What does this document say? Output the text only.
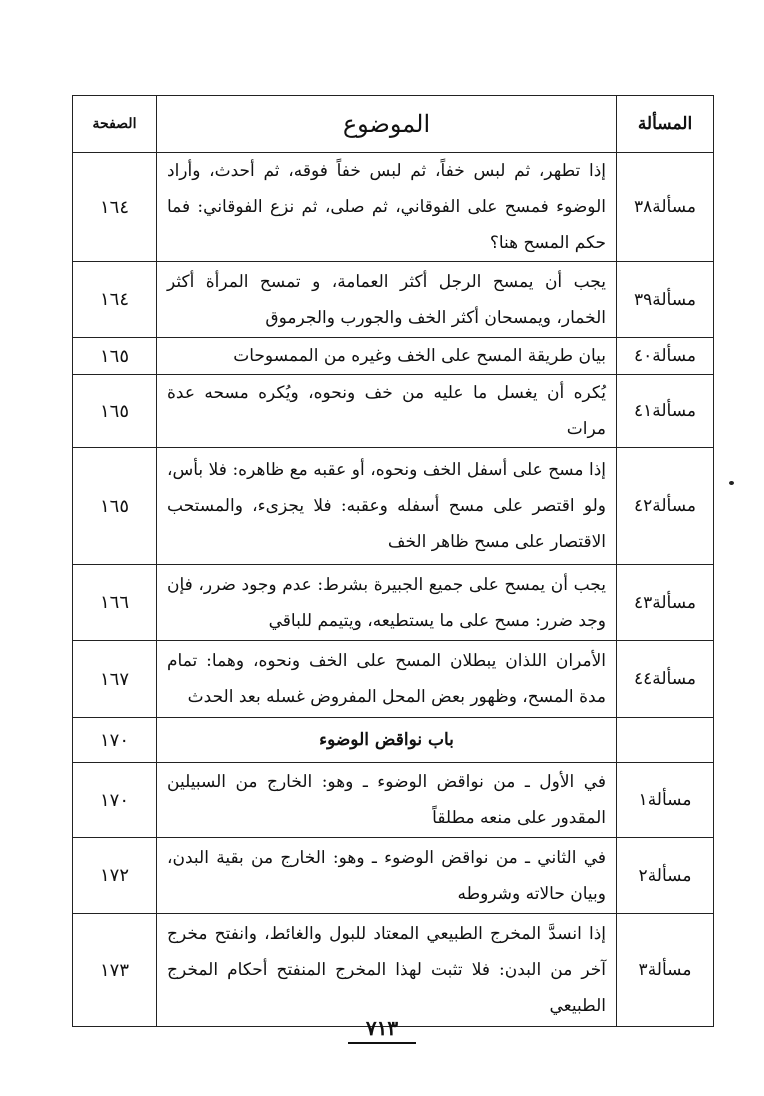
المسألة	الموضوع	الصفحة
مسألة٣٨	إذا تطهر، ثم لبس خفاً، ثم لبس خفاً فوقه، ثم أحدث، وأراد الوضوء فمسح على الفوقاني، ثم صلى، ثم نزع الفوقاني: فما حكم المسح هنا؟	١٦٤
مسألة٣٩	يجب أن يمسح الرجل أكثر العمامة، و تمسح المرأة أكثر الخمار، ويمسحان أكثر الخف والجورب والجرموق	١٦٤
مسألة٤٠	بيان طريقة المسح على الخف وغيره من الممسوحات	١٦٥
مسألة٤١	يُكره أن يغسل ما عليه من خف ونحوه، ويُكره مسحه عدة مرات	١٦٥
مسألة٤٢	إذا مسح على أسفل الخف ونحوه، أو عقبه مع ظاهره: فلا بأس، ولو اقتصر على مسح أسفله وعقبه: فلا يجزىء، والمستحب الاقتصار على مسح ظاهر الخف	١٦٥
مسألة٤٣	يجب أن يمسح على جميع الجبيرة بشرط: عدم وجود ضرر، فإن وجد ضرر: مسح على ما يستطيعه، ويتيمم للباقي	١٦٦
مسألة٤٤	الأمران اللذان يبطلان المسح على الخف ونحوه، وهما: تمام مدة المسح، وظهور بعض المحل المفروض غسله بعد الحدث	١٦٧
	باب نواقض الوضوء	١٧٠
مسألة١	في الأول ـ من نواقض الوضوء ـ وهو: الخارج من السبيلين المقدور على منعه مطلقاً	١٧٠
مسألة٢	في الثاني ـ من نواقض الوضوء ـ وهو: الخارج من بقية البدن، وبيان حالاته وشروطه	١٧٢
مسألة٣	إذا انسدَّ المخرج الطبيعي المعتاد للبول والغائط، وانفتح مخرج آخر من البدن: فلا تثبت لهذا المخرج المنفتح أحكام المخرج الطبيعي	١٧٣
٧١٣
